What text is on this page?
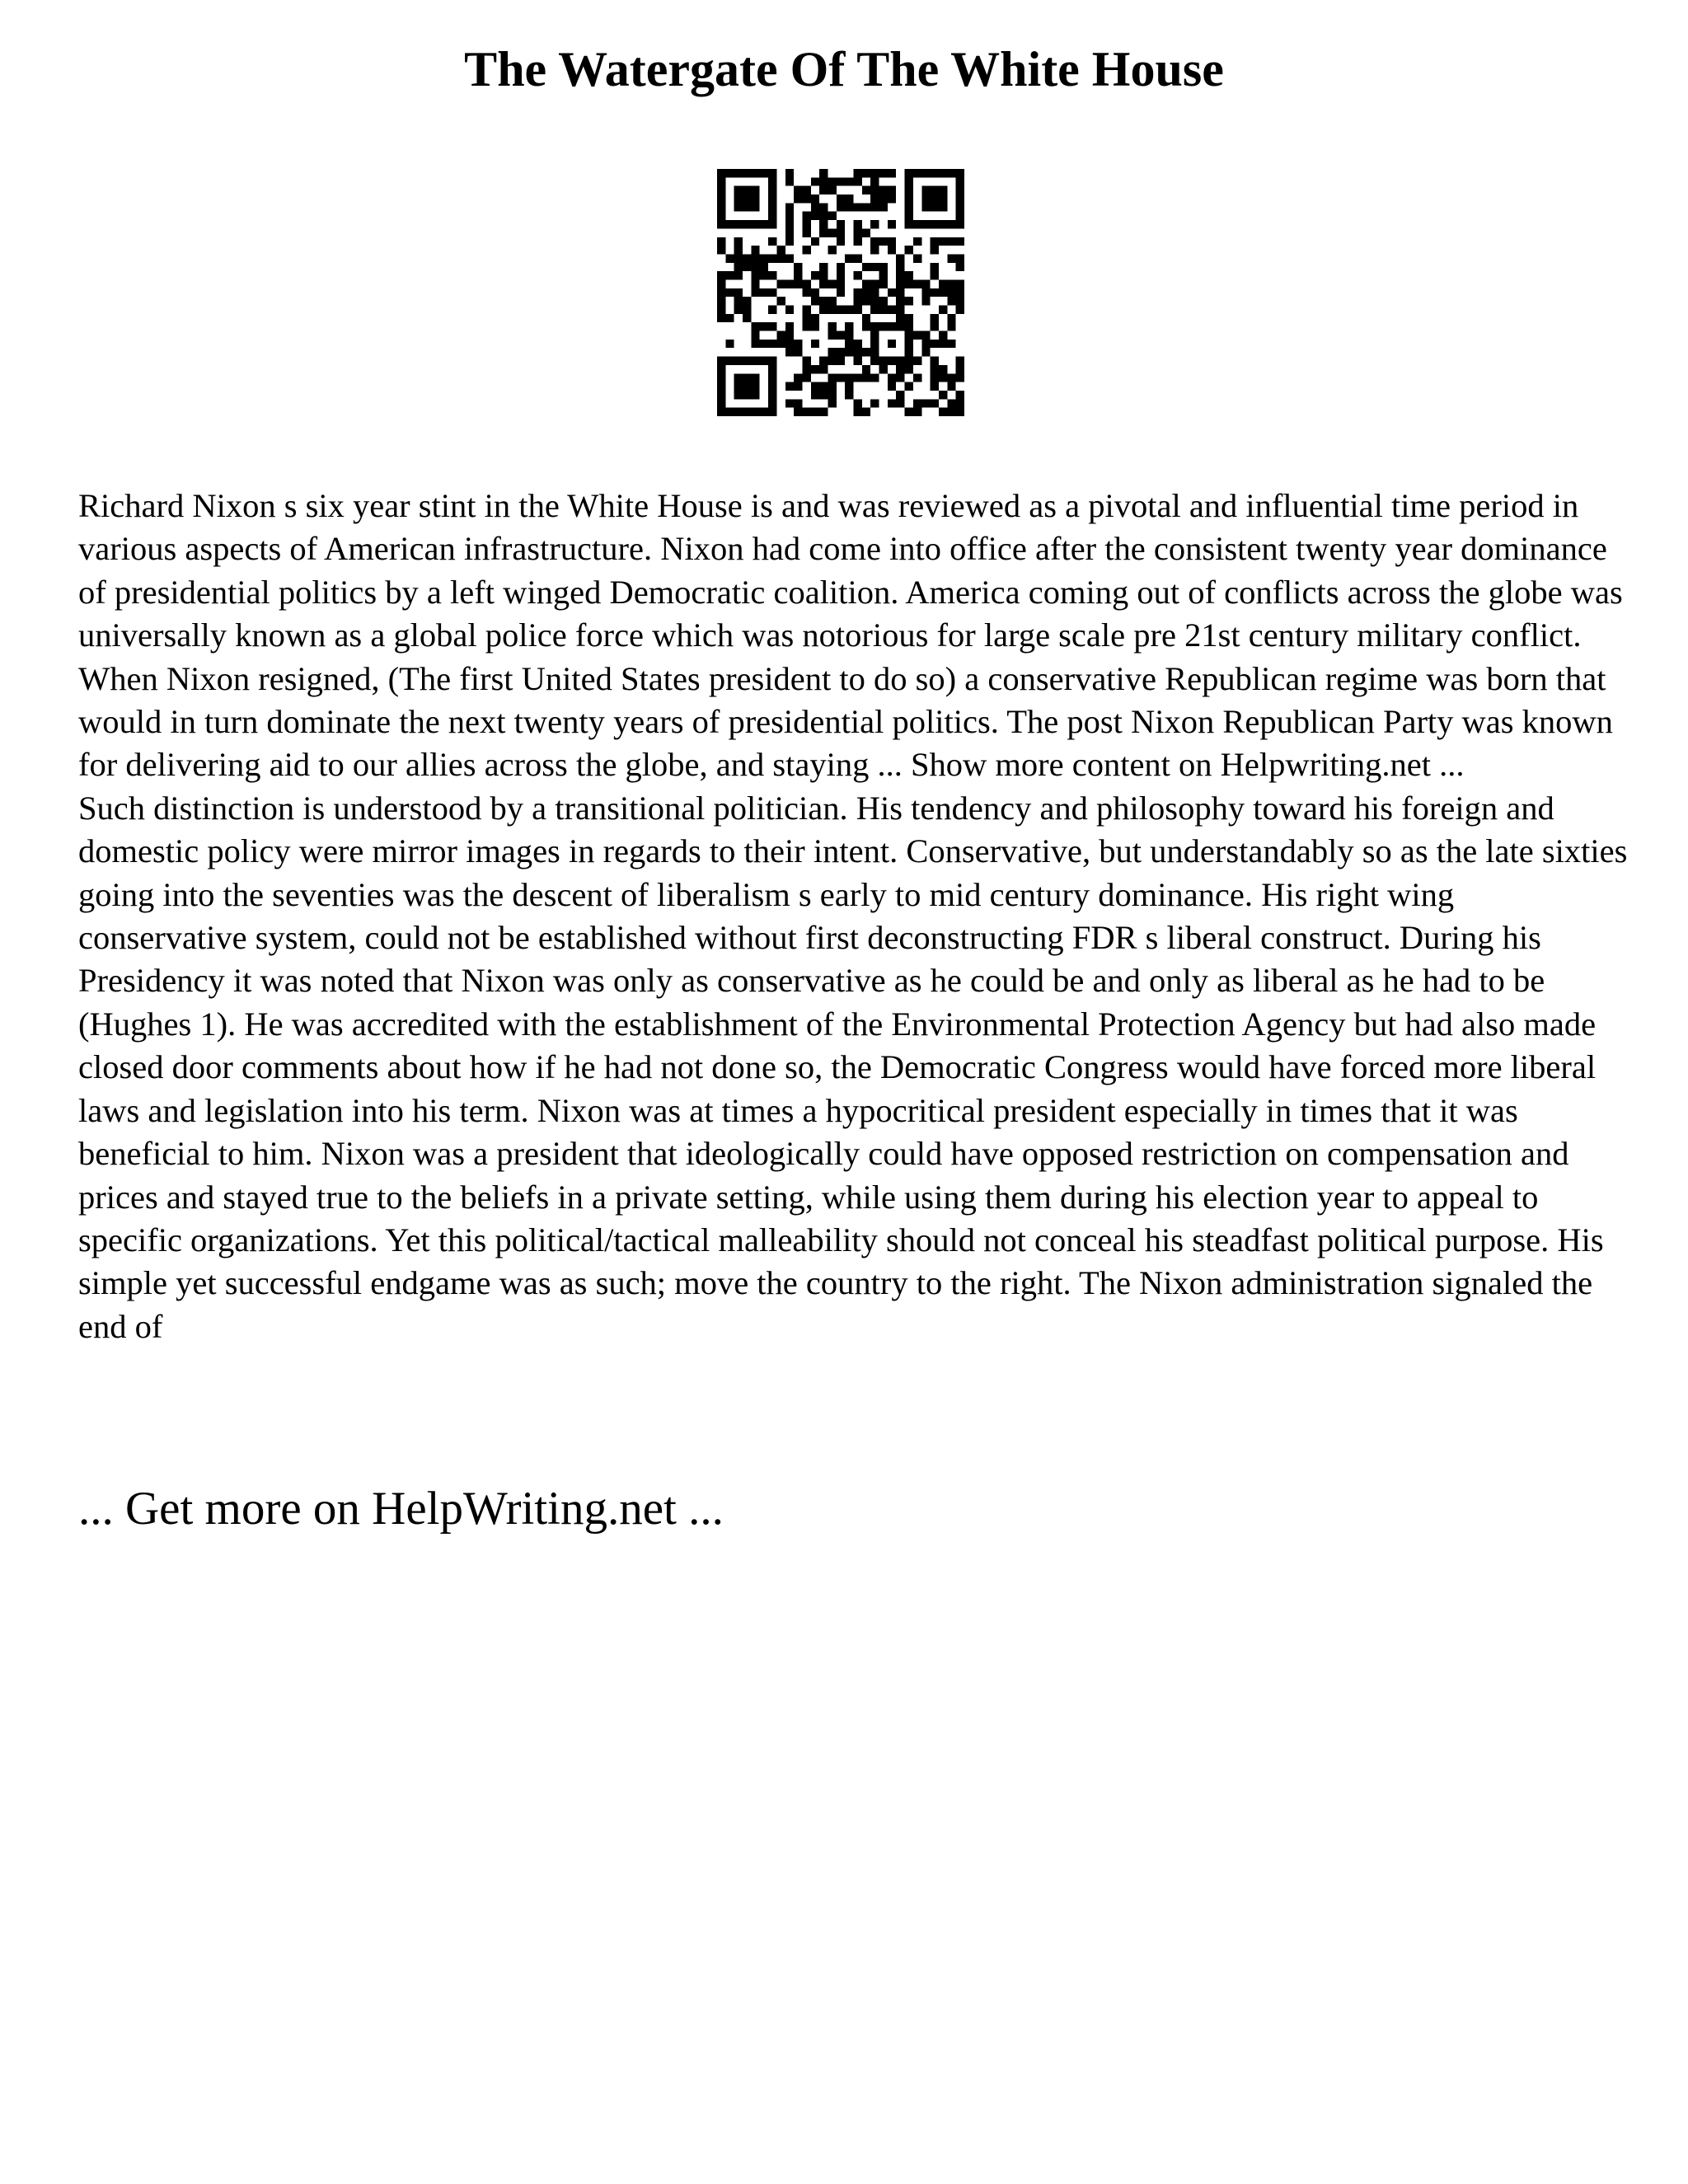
The Watergate Of The White House

Richard Nixon s six year stint in the White House is and was reviewed as a pivotal and influential time period in various aspects of American infrastructure. Nixon had come into office after the consistent twenty year dominance of presidential politics by a left winged Democratic coalition. America coming out of conflicts across the globe was universally known as a global police force which was notorious for large scale pre 21st century military conflict. When Nixon resigned, (The first United States president to do so) a conservative Republican regime was born that would in turn dominate the next twenty years of presidential politics. The post Nixon Republican Party was known for delivering aid to our allies across the globe, and staying ... Show more content on Helpwriting.net ...

Such distinction is understood by a transitional politician. His tendency and philosophy toward his foreign and domestic policy were mirror images in regards to their intent. Conservative, but understandably so as the late sixties going into the seventies was the descent of liberalism s early to mid century dominance. His right wing conservative system, could not be established without first deconstructing FDR s liberal construct. During his Presidency it was noted that Nixon was only as conservative as he could be and only as liberal as he had to be (Hughes 1). He was accredited with the establishment of the Environmental Protection Agency but had also made closed door comments about how if he had not done so, the Democratic Congress would have forced more liberal laws and legislation into his term. Nixon was at times a hypocritical president especially in times that it was beneficial to him. Nixon was a president that ideologically could have opposed restriction on compensation and prices and stayed true to the beliefs in a private setting, while using them during his election year to appeal to specific organizations. Yet this political/tactical malleability should not conceal his steadfast political purpose. His simple yet successful endgame was as such; move the country to the right. The Nixon administration signaled the end of

... Get more on HelpWriting.net ...
